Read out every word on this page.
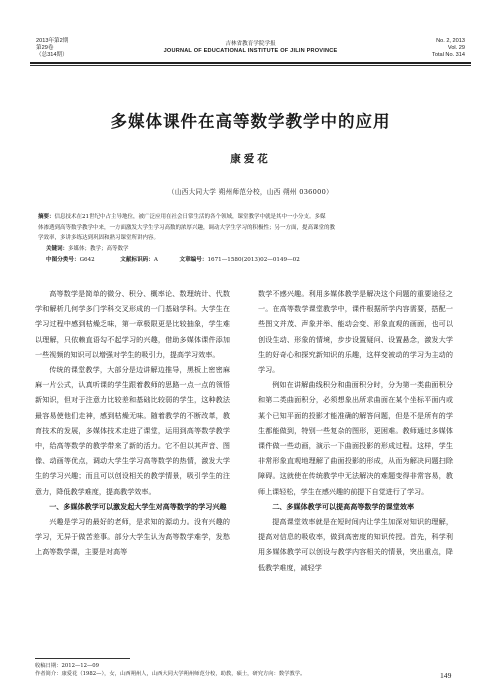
2013年第2期
第29卷
（总314期）
吉林省教育学院学报
JOURNAL OF EDUCATIONAL INSTITUTE OF JILIN PROVINCE
No. 2, 2013
Vol. 29
Total No. 314
多媒体课件在高等数学教学中的应用
康爱花
（山西大同大学 朔州师范分校，山西 朔州 036000）
摘要：信息技术在21世纪中占主导地位，被广泛应用在社会日常生活的各个领域，课堂教学中就是其中一小分支。多媒
体渗透到高等数学教学中来，一方面激发大学生学习高数的浓厚兴趣，调动大学生学习的积极性；另一方面，提高课堂的教
学效率，多讲多练达到巩固和熟习课堂所讲内容。
关键词：多媒体；教学；高等数学
中图分类号：G642	文献标识码：A	文章编号：1671—1580(2013)02—0149—02

高等数学是简单的微分、积分、概率论、数理统计、代数学和解析几何学多门学科交叉形成的一门基础学科。大学生在学习过程中感到枯燥乏味，第一章极限更是比较抽象，学生难以理解，只依赖直语勾不起学习的兴趣，借助多媒体课件添加一些视频的知识可以增强对学生的吸引力，提高学习效率。

传统的课堂教学，大部分是边讲解边推导，黑板上密密麻麻一片公式，认真听课的学生跟着教师的思路一点一点的领悟新知识，但对于注意力比较差和基础比较弱的学生，这种教法最容易使他们走神，感到枯燥无味。随着教学的不断改革，教育技术的发展，多媒体技术走进了课堂，运用到高等数学教学中，给高等数学的教学带来了新的活力。它不但以其声音、图像、动画等优点，调动大学生学习高等数学的热情，激发大学生的学习兴趣；而且可以创设相关的教学情景，吸引学生的注意力，降低教学难度，提高教学效率。

一、多媒体教学可以激发起大学生对高等数学的学习兴趣

兴趣是学习的最好的老师，是求知的源动力。没有兴趣的学习，无异于做苦差事。部分大学生认为高等数学难学，发愁上高等数学课，主要是对高等

数学不感兴趣。利用多媒体教学是解决这个问题的重要途径之一。在高等数学课堂教学中，课件根据所学内容需要，搭配一些图文并茂、声象并举、能动会变、形象直观的画面，也可以创设生动、形象的情境，步步设置疑问、设置悬念，激发大学生的好奇心和探究新知识的乐趣，这样变被动的学习为主动的学习。

例如在讲解曲线积分和曲面积分时，分为第一类曲面积分和第二类曲面积分，必须想象出所求曲面在某个坐标平面内或某个已知平面的投影才能准确的解答问题，但是不是所有的学生都能做到，特别一些复杂的图形，更困难。教师通过多媒体课件做一些动画，演示一下曲面投影的形成过程。这样，学生非常形象直观地理解了曲面投影的形成，从而为解决问题扫除障碍。这就使在传统教学中无法解决的难题变得非常容易，教师上课轻松，学生在感兴趣的前提下自觉进行了学习。

二、多媒体教学可以提高高等数学的课堂效率

提高课堂效率就是在短时间内让学生加深对知识的理解，提高对信息的吸收率，做到高密度的知识传授。首先，科学利用多媒体教学可以创设与教学内容相关的情景，突出重点，降低教学难度，减轻学

收稿日期：2012—12—09
作者简介：康爱花（1982—），女，山西朔州人，山西大同大学朔州师范分校，助教，硕士，研究方向：数学教学。	149
